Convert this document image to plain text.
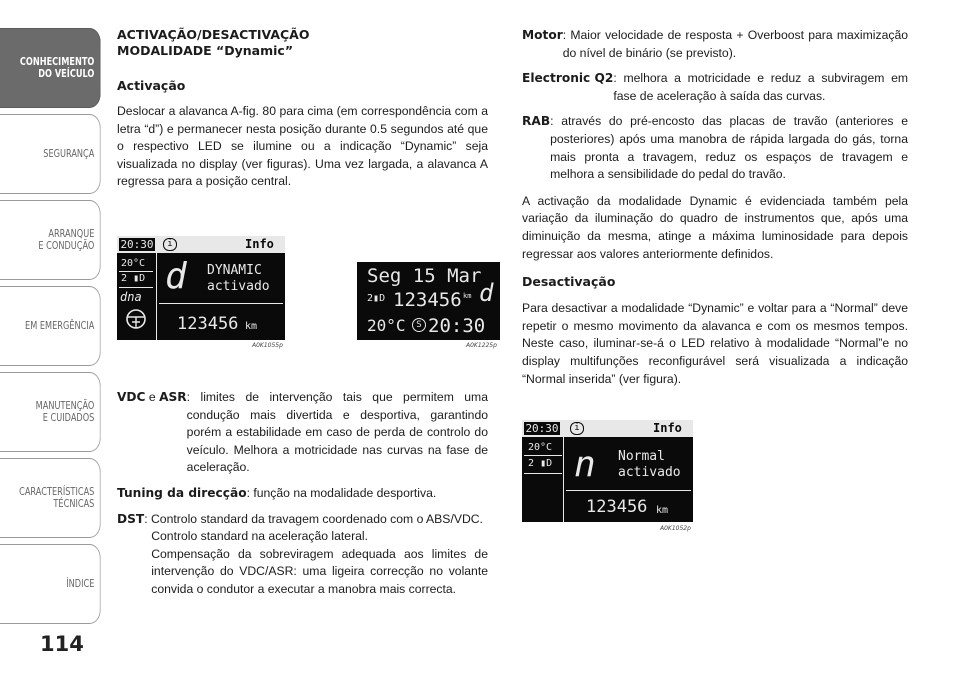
CONHECIMENTO
DO VEÍCULO
SEGURANÇA
ARRANQUE
E CONDUÇÃO
EM EMERGÊNCIA
MANUTENÇÃO
E CUIDADOS
CARACTERÍSTICAS
TÉCNICAS
ÍNDICE
114
ACTIVAÇÃO/DESACTIVAÇÃO
MODALIDADE “Dynamic”
Activação

Deslocar a alavanca A-fig. 80 para cima (em correspondência com a letra “d”) e permanecer nesta posição durante 0.5 segundos até que o respectivo LED se ilumine ou a indicação “Dynamic” seja visualizada no display (ver figuras). Uma vez largada, a alavanca A regressa para a posição central.

20:30	i	Info
20°C
2 ▮D
dna d DYNAMIC
activado
123456 km
A0K1055p
Seg 15 Mar
2▮D 123456 km d
20°C	S 20:30
A0K1225p
VDC e ASR : limites de intervenção tais que permitem uma condução mais divertida e desportiva, garantindo porém a estabilidade em caso de perda de controlo do veículo. Melhora a motricidade nas curvas na fase de aceleração.
Tuning da direcção: função na modalidade desportiva.
DST : Controlo standard da travagem coordenado com o ABS/VDC.
Controlo standard na aceleração lateral.
Compensação da sobreviragem adequada aos limites de intervenção do VDC/ASR: uma ligeira correcção no volante convida o condutor a executar a manobra mais correcta.
Motor : Maior velocidade de resposta + Overboost para maximização do nível de binário (se previsto).
Electronic Q2 : melhora a motricidade e reduz a subviragem em fase de aceleração à saída das curvas.
RAB : através do pré-encosto das placas de travão (anteriores e posteriores) após uma manobra de rápida largada do gás, torna mais pronta a travagem, reduz os espaços de travagem e melhora a sensibilidade do pedal do travão.

A activação da modalidade Dynamic é evidenciada também pela variação da iluminação do quadro de instrumentos que, após uma diminuição da mesma, atinge a máxima luminosidade para depois regressar aos valores anteriormente definidos.

Desactivação

Para desactivar a modalidade “Dynamic” e voltar para a “Normal” deve repetir o mesmo movimento da alavanca e com os mesmos tempos. Neste caso, iluminar-se-á o LED relativo à modalidade “Normal”e no display multifunções reconfigurável será visualizada a indicação “Normal inserida” (ver figura).

20:30	i	Info
20°C
2 ▮D n Normal
activado
123456 km
A0K1052p
